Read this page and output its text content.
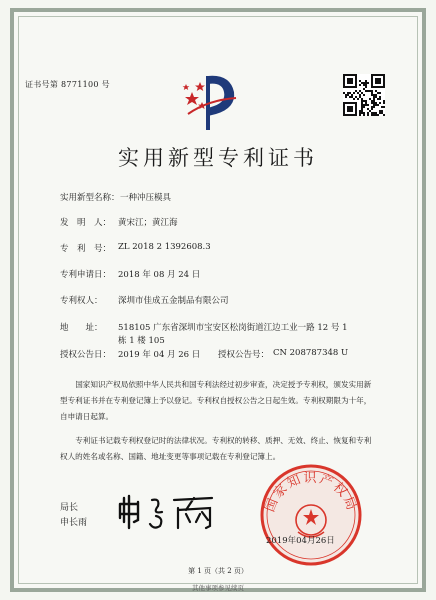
证书号第 8771100 号
实用新型专利证书
实用新型名称： 一种冲压模具
发　明　人： 黄宋江；黄江海
专　利　号： ZL 2018 2 1392608.3
专利申请日： 2018 年 08 月 24 日
专利权人： 深圳市佳成五金制品有限公司
地　　址： 518105 广东省深圳市宝安区松岗街道江边工业一路 12 号 1
栋 1 楼 105
授权公告日： 2019 年 04 月 26 日 授权公告号： CN 208787348 U
国家知识产权局依照中华人民共和国专利法经过初步审查，决定授予专利权，颁发实用新型专利证书并在专利登记簿上予以登记。专利权自授权公告之日起生效。专利权期限为十年，自申请日起算。
专利证书记载专利权登记时的法律状况。专利权的转移、质押、无效、终止、恢复和专利权人的姓名或名称、国籍、地址变更等事项记载在专利登记簿上。
局长
申长雨
国家知识产权局
2019年04月26日
第 1 页（共 2 页）
其他事项参见续页
